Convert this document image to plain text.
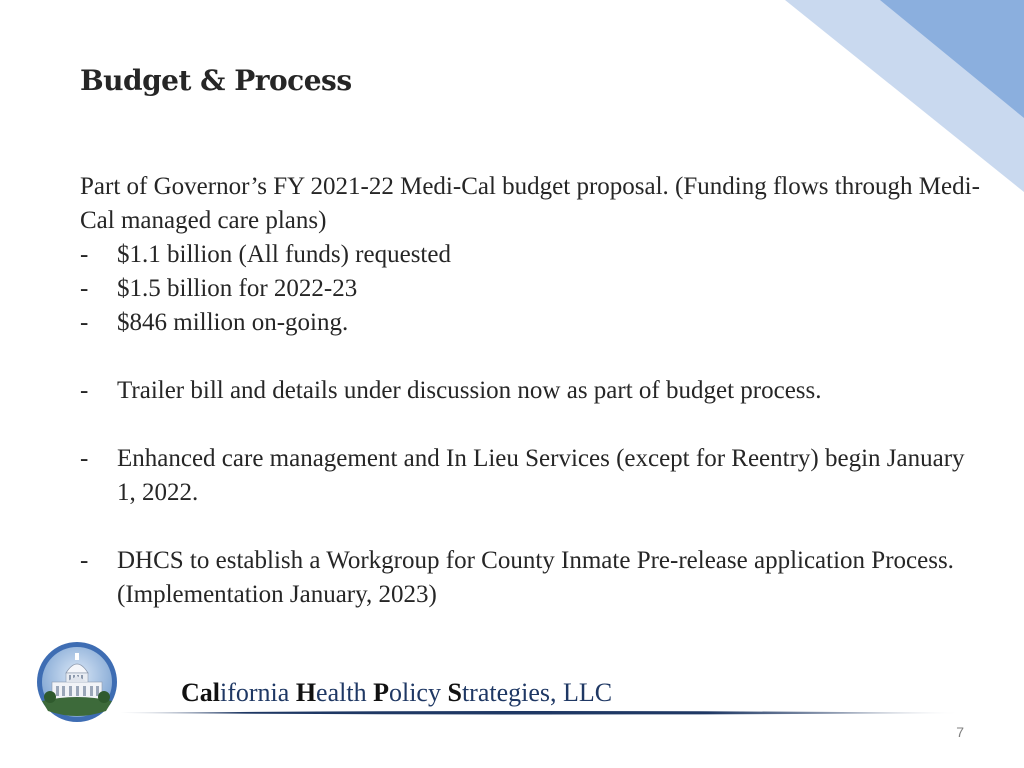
Budget & Process

Part of Governor’s FY 2021-22 Medi-Cal budget proposal. (Funding flows through Medi-Cal managed care plans)

-	$1.1 billion (All funds) requested
-	$1.5 billion for 2022-23
-	$846 million on-going.
-	Trailer bill and details under discussion now as part of budget process.
-	Enhanced care management and In Lieu Services (except for Reentry) begin January 1, 2022.
-	DHCS to establish a Workgroup for County Inmate Pre-release application Process. (Implementation January, 2023)
California Health Policy Strategies, LLC
7
